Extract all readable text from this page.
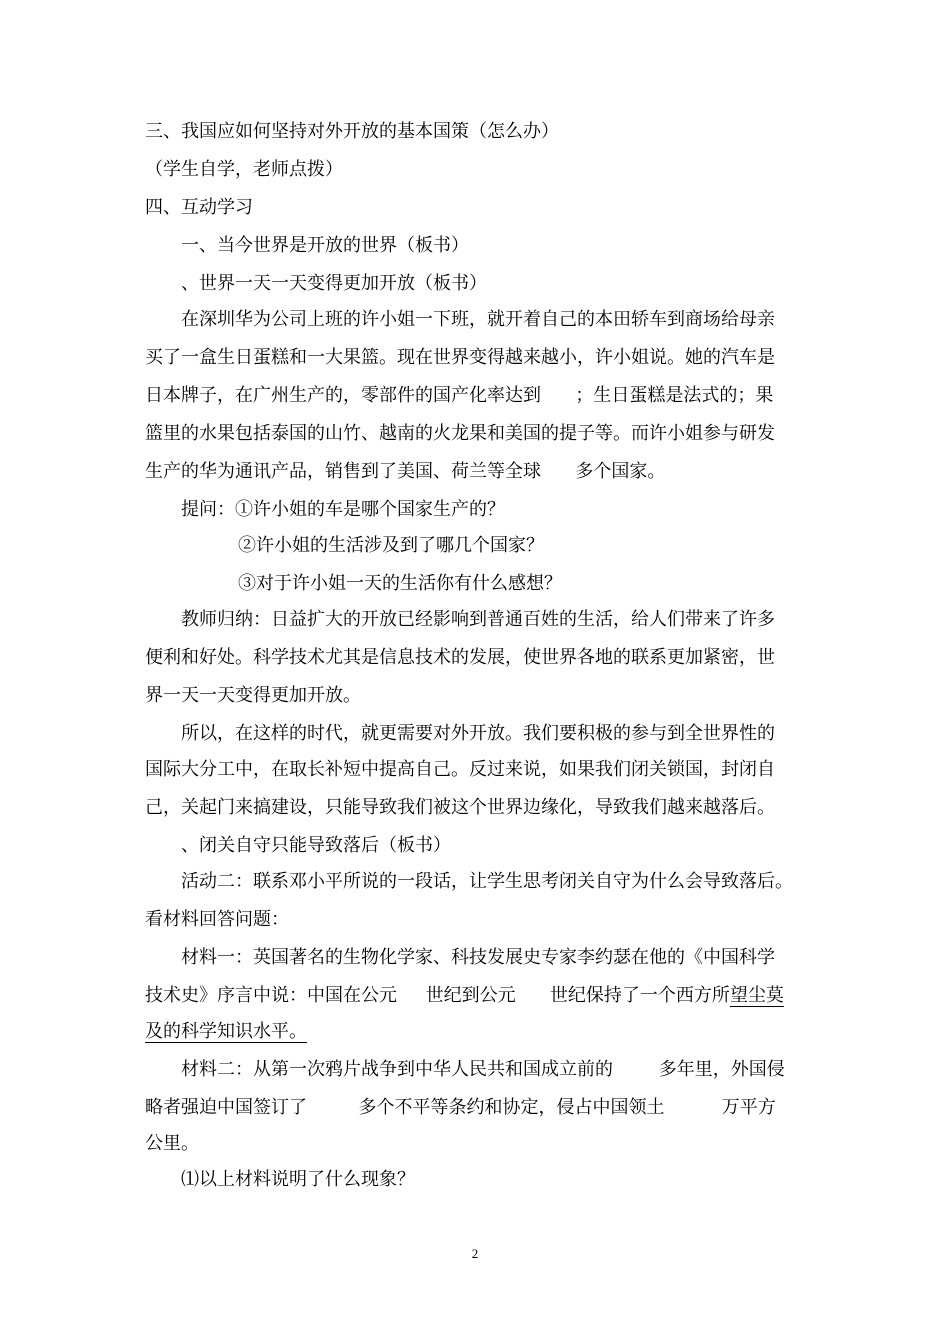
三、我国应如何坚持对外开放的基本国策（怎么办）
（学生自学，老师点拨）
四、互动学习
一、当今世界是开放的世界（板书）
、世界一天一天变得更加开放（板书）
在深圳华为公司上班的许小姐一下班，就开着自己的本田轿车到商场给母亲
买了一盒生日蛋糕和一大果篮。现在世界变得越来越小，许小姐说。她的汽车是
日本牌子，在广州生产的，零部件的国产化率达到      ；生日蛋糕是法式的；果
篮里的水果包括泰国的山竹、越南的火龙果和美国的提子等。而许小姐参与研发
生产的华为通讯产品，销售到了美国、荷兰等全球      多个国家。
提问：①许小姐的车是哪个国家生产的？
②许小姐的生活涉及到了哪几个国家？
③对于许小姐一天的生活你有什么感想？
教师归纳：日益扩大的开放已经影响到普通百姓的生活，给人们带来了许多
便利和好处。科学技术尤其是信息技术的发展，使世界各地的联系更加紧密，世
界一天一天变得更加开放。
所以，在这样的时代，就更需要对外开放。我们要积极的参与到全世界性的
国际大分工中，在取长补短中提高自己。反过来说，如果我们闭关锁国，封闭自
己，关起门来搞建设，只能导致我们被这个世界边缘化，导致我们越来越落后。
、闭关自守只能导致落后（板书）
活动二：联系邓小平所说的一段话，让学生思考闭关自守为什么会导致落后。
看材料回答问题：
材料一：英国著名的生物化学家、科技发展史专家李约瑟在他的《中国科学
技术史》序言中说：中国在公元     世纪到公元      世纪保持了一个西方所望尘莫
及的科学知识水平。
材料二：从第一次鸦片战争到中华人民共和国成立前的        多年里，外国侵
略者强迫中国签订了         多个不平等条约和协定，侵占中国领土          万平方
公里。
⑴以上材料说明了什么现象？
2
